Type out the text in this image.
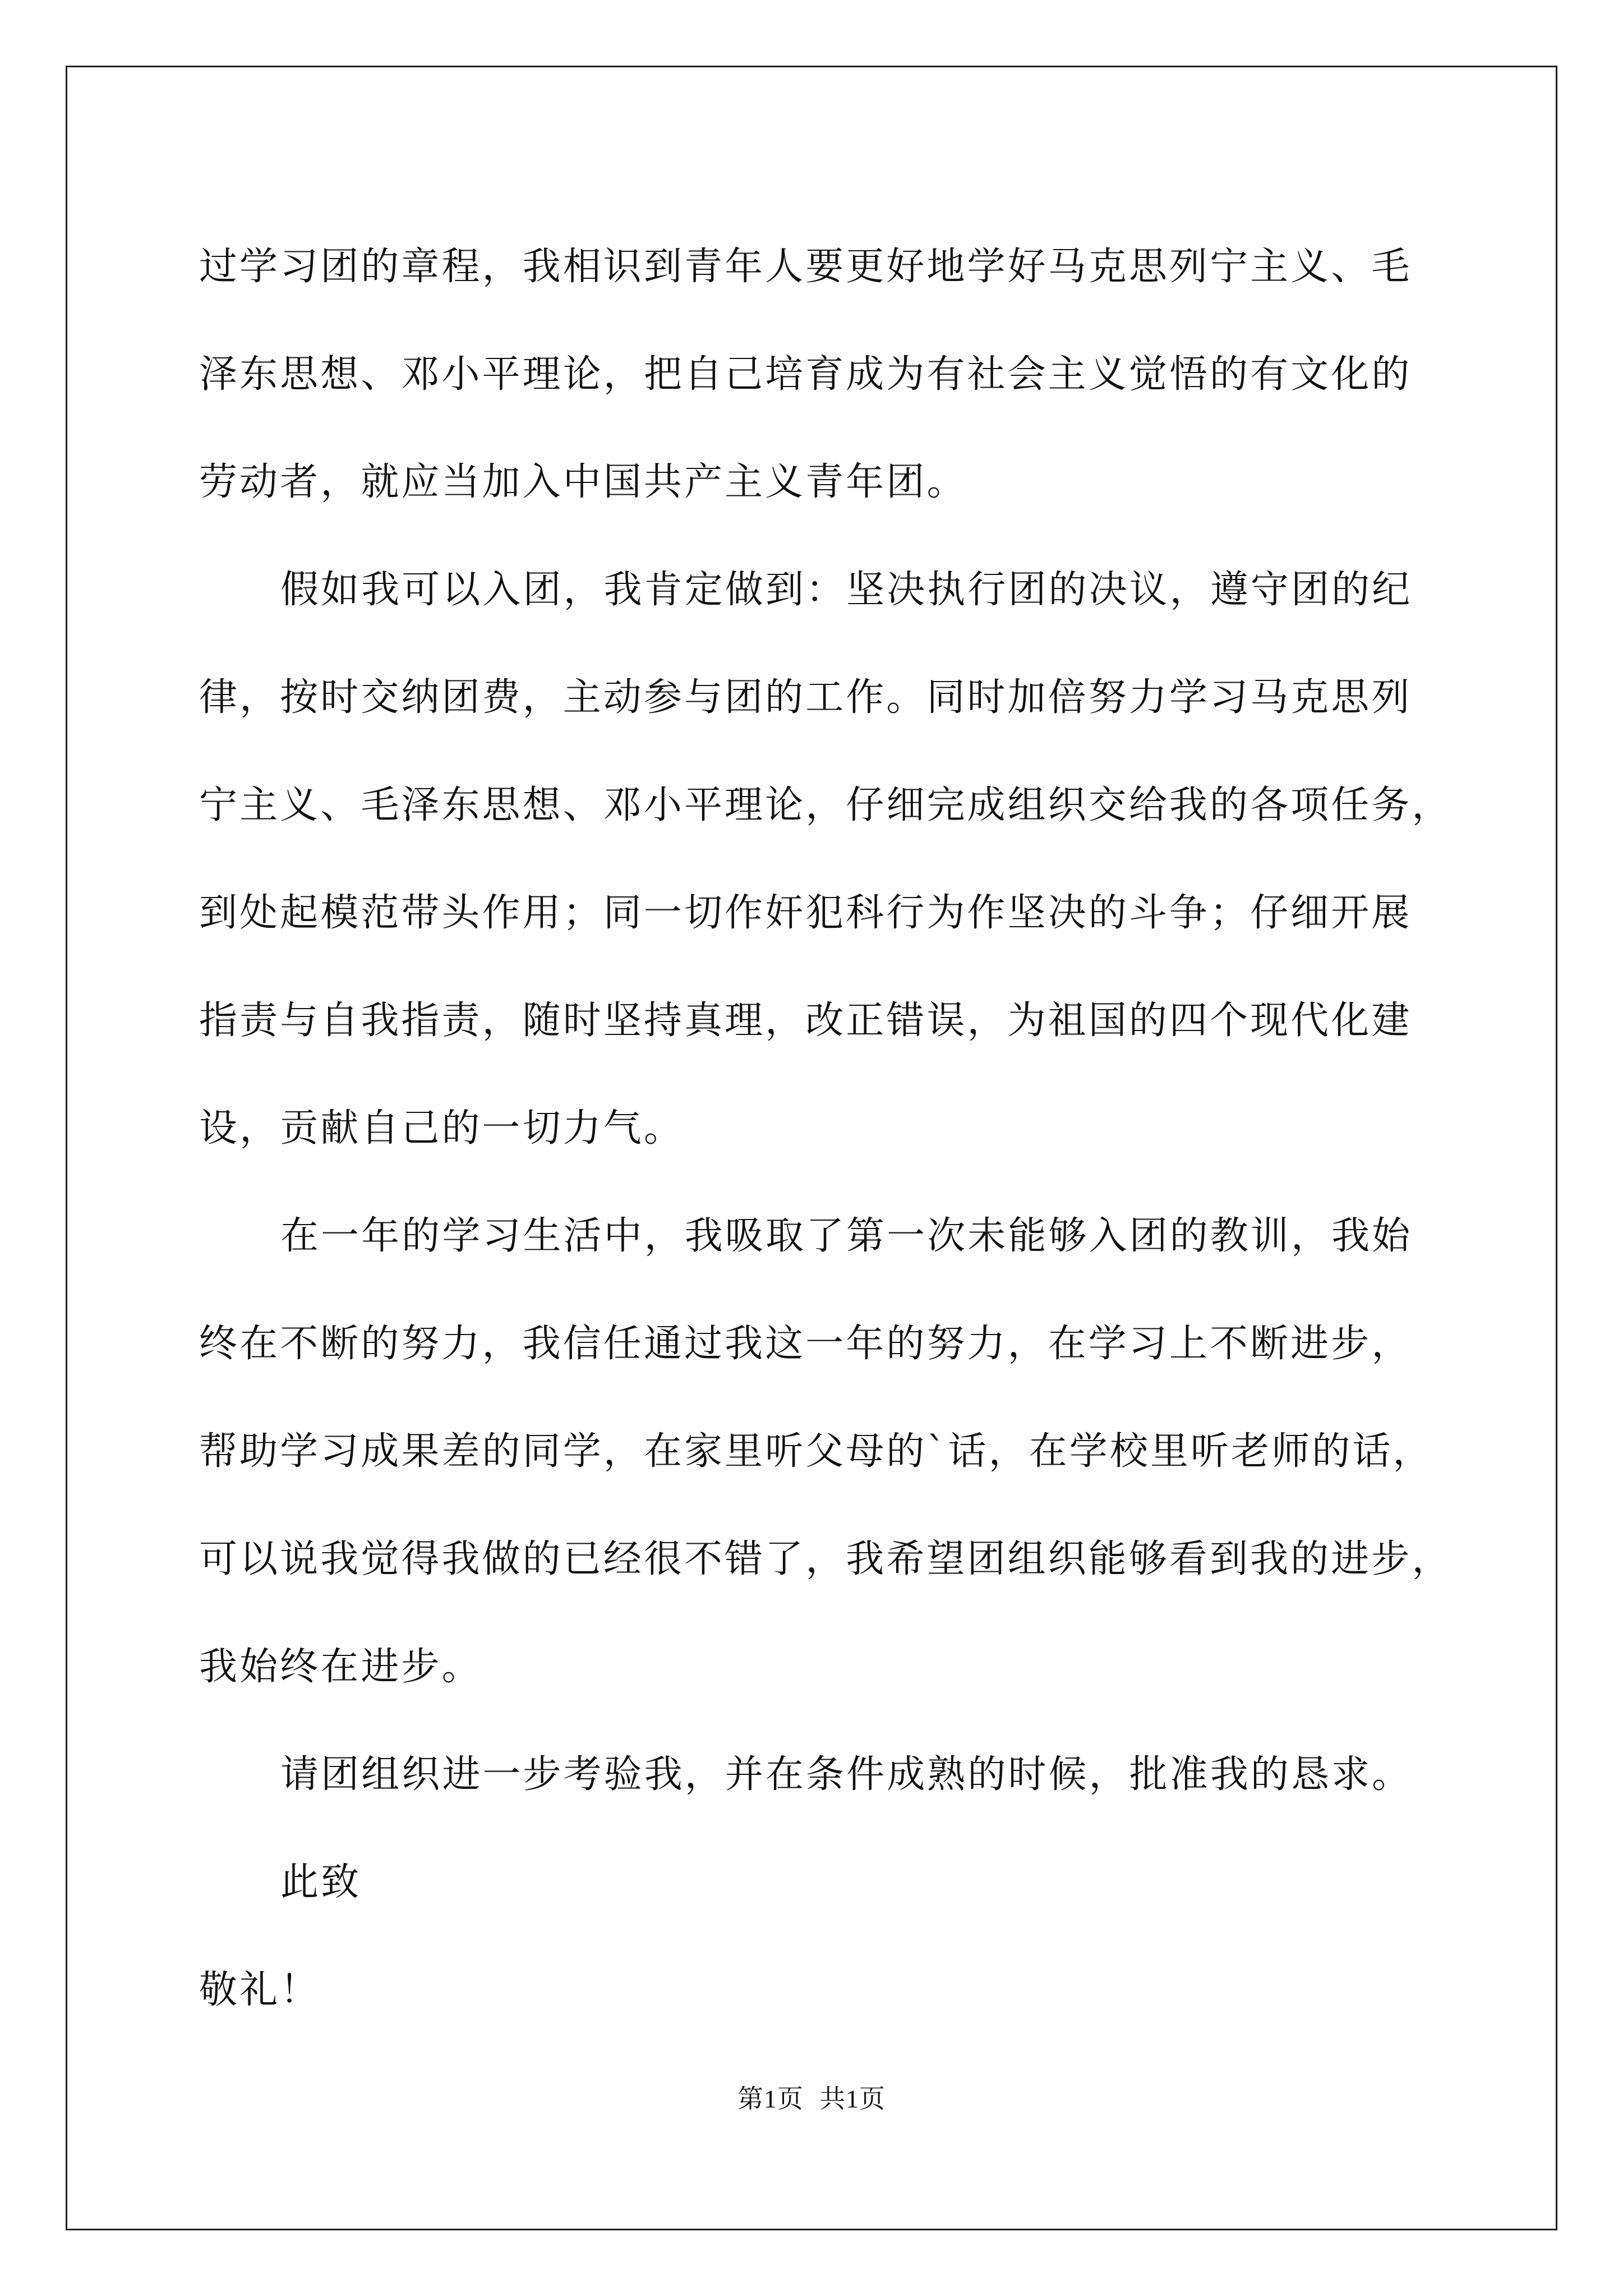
过学习团的章程，我相识到青年人要更好地学好马克思列宁主义、毛
泽东思想、邓小平理论，把自己培育成为有社会主义觉悟的有文化的
劳动者，就应当加入中国共产主义青年团。
假如我可以入团，我肯定做到：坚决执行团的决议，遵守团的纪
律，按时交纳团费，主动参与团的工作。同时加倍努力学习马克思列
宁主义、毛泽东思想、邓小平理论，仔细完成组织交给我的各项任务，
到处起模范带头作用；同一切作奸犯科行为作坚决的斗争；仔细开展
指责与自我指责，随时坚持真理，改正错误，为祖国的四个现代化建
设，贡献自己的一切力气。
在一年的学习生活中，我吸取了第一次未能够入团的教训，我始
终在不断的努力，我信任通过我这一年的努力，在学习上不断进步，
帮助学习成果差的同学，在家里听父母的`话，在学校里听老师的话，
可以说我觉得我做的已经很不错了，我希望团组织能够看到我的进步，
我始终在进步。
请团组织进一步考验我，并在条件成熟的时候，批准我的恳求。
此致
敬礼！
第1页 共1页
